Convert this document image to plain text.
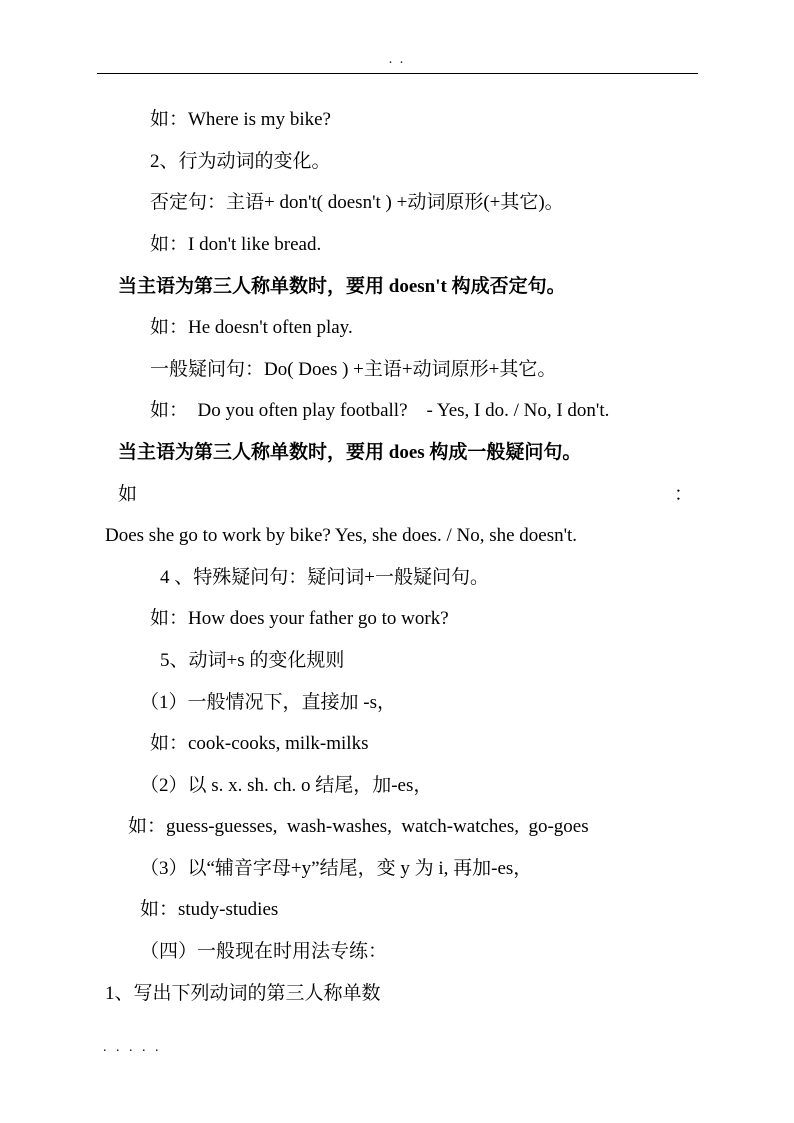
. .
如：Where is my bike?
2、行为动词的变化。
否定句：主语+ don't( doesn't ) +动词原形(+其它)。
如：I don't like bread.
当主语为第三人称单数时，要用 doesn't 构成否定句。
如：He doesn't often play.
一般疑问句：Do( Does ) +主语+动词原形+其它。
如：  Do you often play football?    - Yes, I do. / No, I don't.
当主语为第三人称单数时，要用 does 构成一般疑问句。
如	：
Does she go to work by bike? Yes, she does. / No, she doesn't.
4 、特殊疑问句：疑问词+一般疑问句。
如：How does your father go to work?
5、动词+s 的变化规则
（1）一般情况下，直接加 -s，
如：cook-cooks, milk-milks
（2）以 s. x. sh. ch. o 结尾，加-es，
如：guess-guesses,  wash-washes,  watch-watches,  go-goes
（3）以“辅音字母+y”结尾，变 y 为 i, 再加-es，
如：study-studies
（四）一般现在时用法专练：
1、写出下列动词的第三人称单数
. . . . .
